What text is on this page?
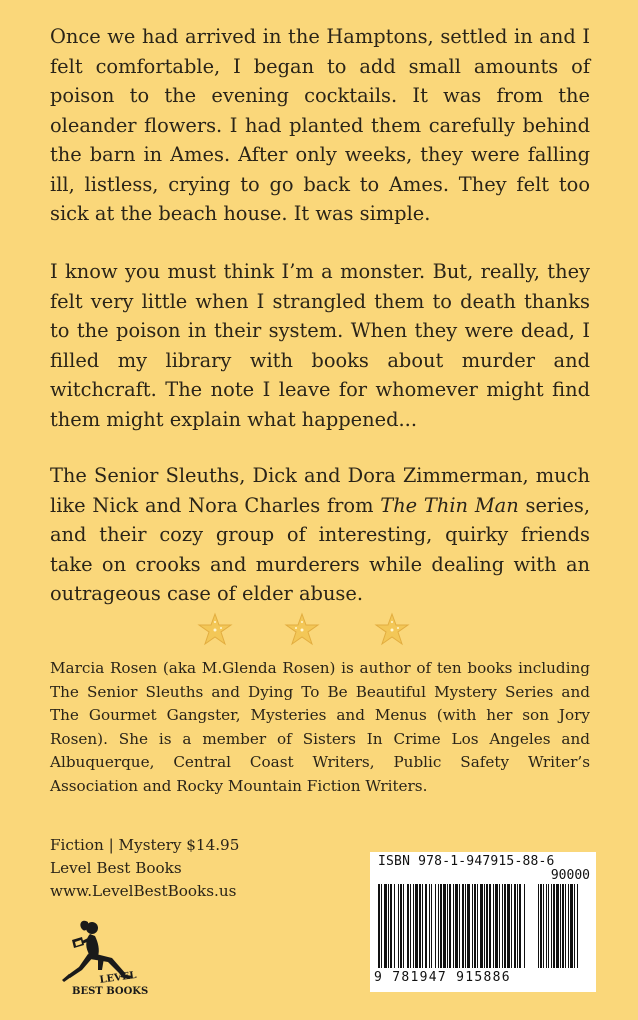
Once we had arrived in the Hamptons, settled in and I felt comfortable, I began to add small amounts of poison to the evening cocktails. It was from the oleander flowers. I had planted them carefully behind the barn in Ames. After only weeks, they were falling ill, listless, crying to go back to Ames. They felt too sick at the beach house. It was simple.

I know you must think I’m a monster. But, really, they felt very little when I strangled them to death thanks to the poison in their system. When they were dead, I filled my library with books about murder and witchcraft. The note I leave for whomever might find them might explain what happened...

The Senior Sleuths, Dick and Dora Zimmerman, much like Nick and Nora Charles from The Thin Man series, and their cozy group of interesting, quirky friends take on crooks and murderers while dealing with an outrageous case of elder abuse.

Marcia Rosen (aka M.Glenda Rosen) is author of ten books including The Senior Sleuths and Dying To Be Beautiful Mystery Series and The Gourmet Gangster, Mysteries and Menus (with her son Jory Rosen). She is a member of Sisters In Crime Los Angeles and Albuquerque, Central Coast Writers, Public Safety Writer’s Association and Rocky Mountain Fiction Writers.

Fiction | Mystery $14.95
Level Best Books
www.LevelBestBooks.us
LEVEL
BEST BOOKS
ISBN 978-1-947915-88-6
90000
9 781947 915886
